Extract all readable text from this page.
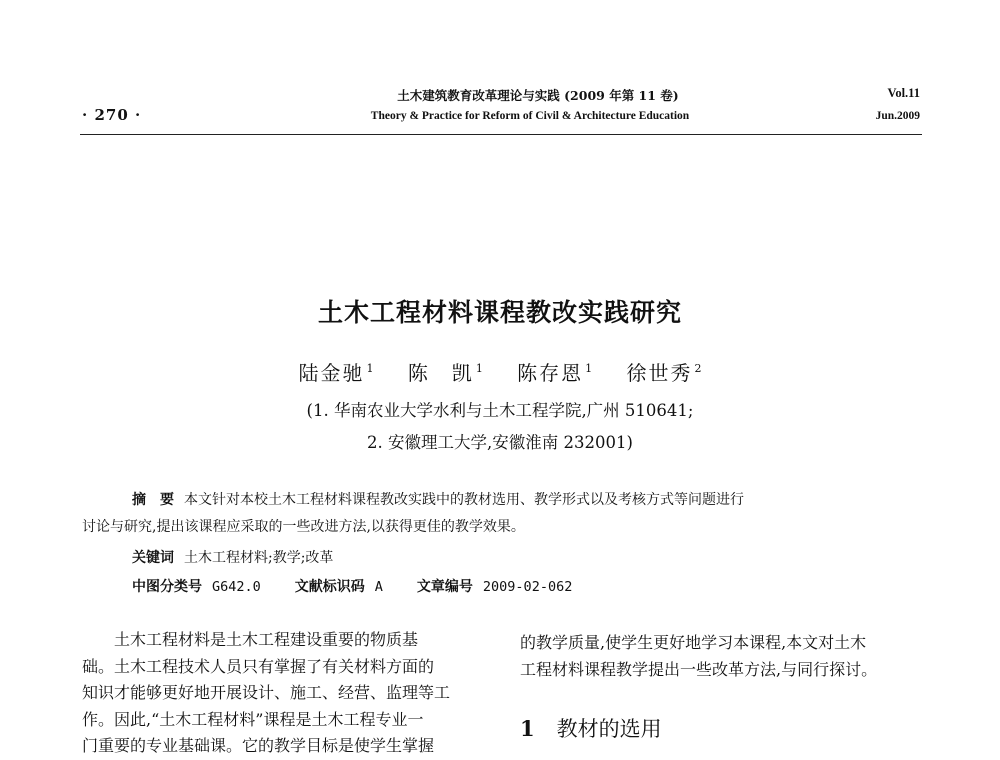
· 270 ·
土木建筑教育改革理论与实践 (2009 年第 11 卷)
Theory & Practice for Reform of Civil & Architecture Education
Vol.11
Jun.2009
土木工程材料课程教改实践研究
陆金驰 $^1$ 陈　凯 $^1$ 陈存恩 $^1$ 徐世秀 $^2$
(1. 华南农业大学水利与土木工程学院,广州 510641;
2. 安徽理工大学,安徽淮南 232001)
摘　要 本文针对本校土木工程材料课程教改实践中的教材选用、教学形式以及考核方式等问题进行
讨论与研究,提出该课程应采取的一些改进方法,以获得更佳的教学效果。
关键词 土木工程材料;教学;改革
中图分类号 G642.0 文献标识码 A 文章编号 2009-02-062
土木工程材料是土木工程建设重要的物质基
础。土木工程技术人员只有掌握了有关材料方面的
知识才能够更好地开展设计、施工、经营、监理等工
作。因此,“土木工程材料”课程是土木工程专业一
门重要的专业基础课。它的教学目标是使学生掌握
的教学质量,使学生更好地学习本课程,本文对土木
工程材料课程教学提出一些改革方法,与同行探讨。
1 教材的选用
